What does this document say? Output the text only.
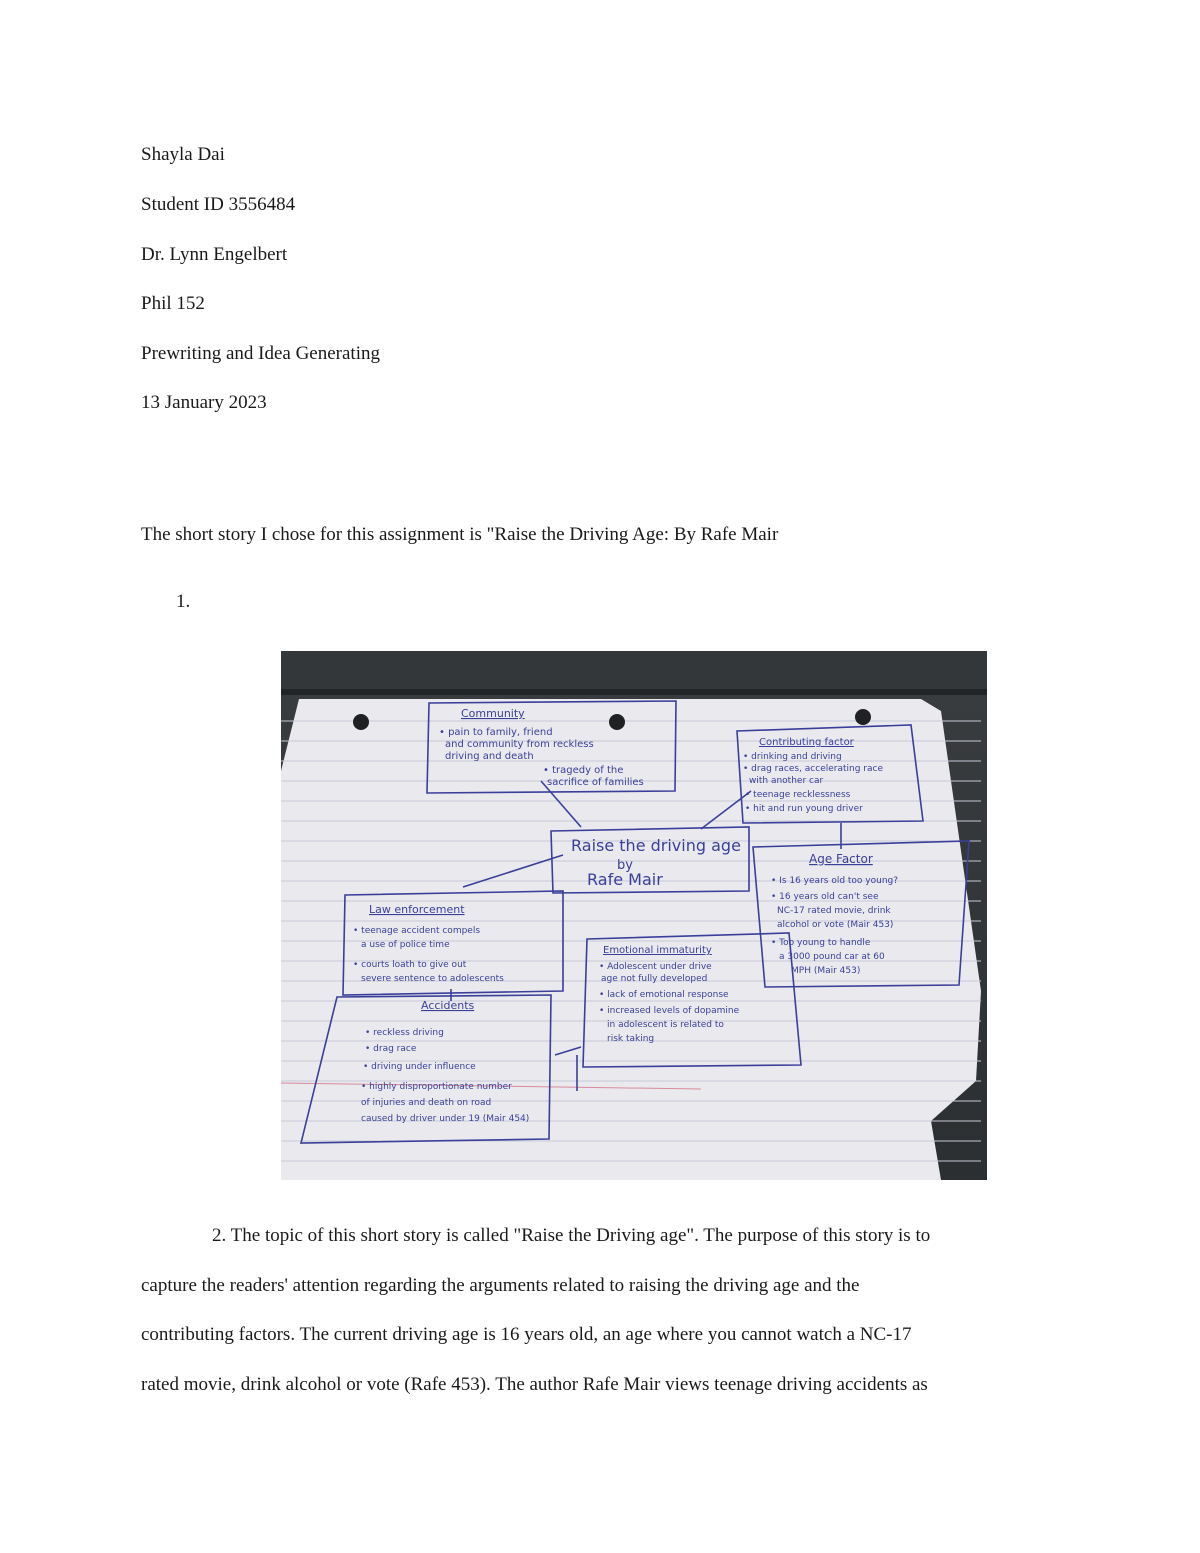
Shayla Dai
Student ID 3556484
Dr. Lynn Engelbert
Phil 152
Prewriting and Idea Generating
13 January 2023
The short story I chose for this assignment is "Raise the Driving Age: By Rafe Mair
1.
Raise the driving age
by
Rafe Mair
Community
• pain to family, friend
and community from reckless
driving and death
• tragedy of the
sacrifice of families
Contributing factor
• drinking and driving
• drag races, accelerating race
with another car
• teenage recklessness
• hit and run young driver
Age Factor
• Is 16 years old too young?
• 16 years old can't see
NC-17 rated movie, drink
alcohol or vote (Mair 453)
• Too young to handle
a 3000 pound car at 60
MPH (Mair 453)
Law enforcement
• teenage accident compels
a use of police time
• courts loath to give out
severe sentence to adolescents
Emotional immaturity
• Adolescent under drive
age not fully developed
• lack of emotional response
• increased levels of dopamine
in adolescent is related to
risk taking
Accidents
• reckless driving
• drag race
• driving under influence
• highly disproportionate number
of injuries and death on road
caused by driver under 19 (Mair 454)
2. The topic of this short story is called "Raise the Driving age". The purpose of this story is to
capture the readers' attention regarding the arguments related to raising the driving age and the
contributing factors. The current driving age is 16 years old, an age where you cannot watch a NC-17
rated movie, drink alcohol or vote (Rafe 453). The author Rafe Mair views teenage driving accidents as
